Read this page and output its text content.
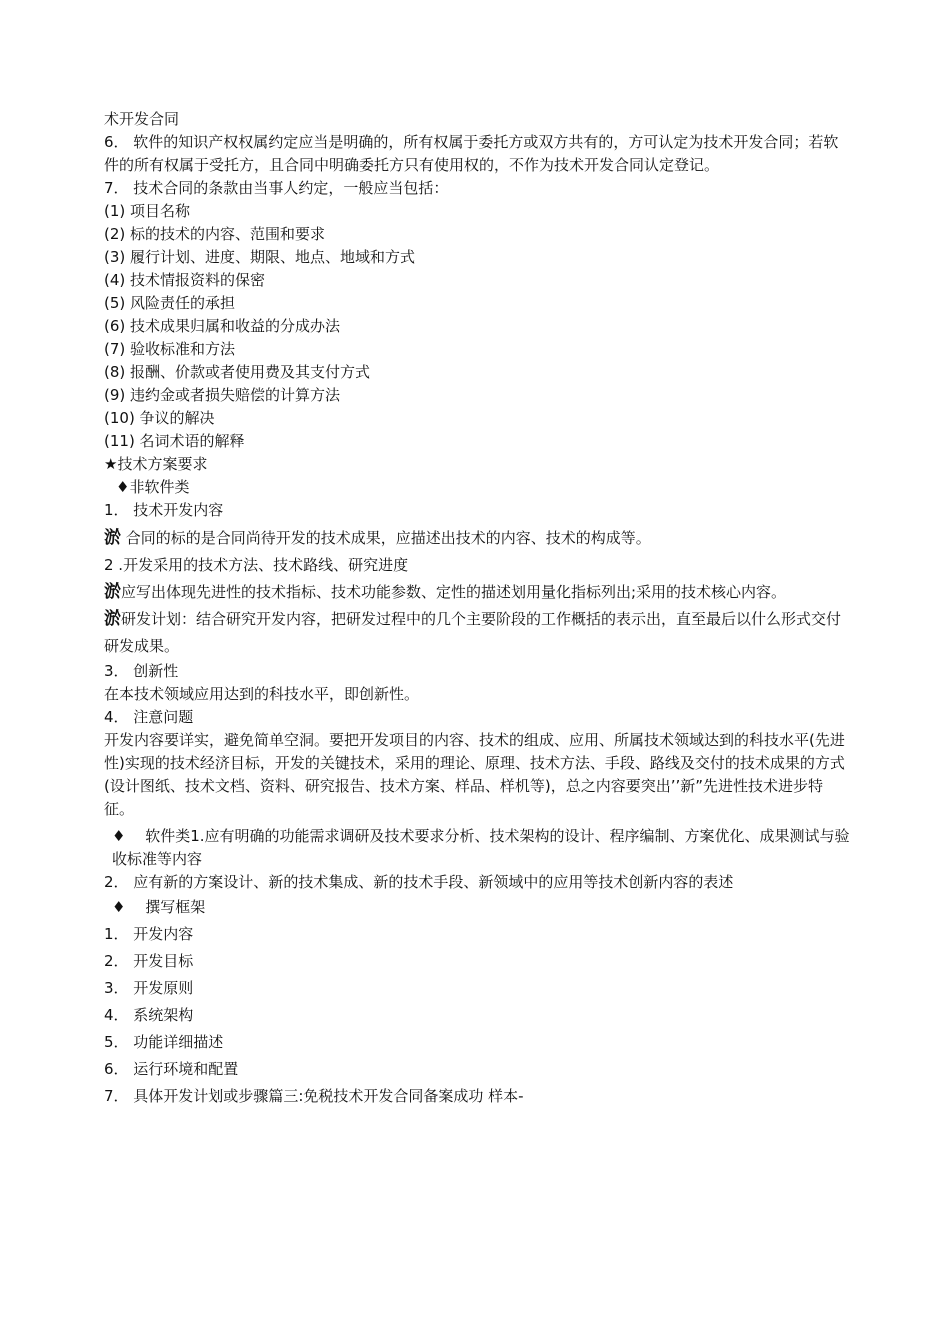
术开发合同
6． 软件的知识产权权属约定应当是明确的，所有权属于委托方或双方共有的，方可认定为技术开发合同；若软件的所有权属于受托方，且合同中明确委托方只有使用权的，不作为技术开发合同认定登记。
7． 技术合同的条款由当事人约定，一般应当包括：
(1) 项目名称
(2) 标的技术的内容、范围和要求
(3) 履行计划、进度、期限、地点、地域和方式
(4) 技术情报资料的保密
(5) 风险责任的承担
(6) 技术成果归属和收益的分成办法
(7) 验收标准和方法
(8) 报酬、价款或者使用费及其支付方式
(9) 违约金或者损失赔偿的计算方法
(10) 争议的解决
(11) 名词术语的解释
★技术方案要求
♦非软件类
1． 技术开发内容
淤 合同的标的是合同尚待开发的技术成果，应描述出技术的内容、技术的构成等。
2 .开发采用的技术方法、技术路线、研究进度
淤应写出体现先进性的技术指标、技术功能参数、定性的描述划用量化指标列出;采用的技术核心内容。
淤研发计划：结合研究开发内容，把研发过程中的几个主要阶段的工作概括的表示出，直至最后以什么形式交付研发成果。
3． 创新性
在本技术领域应用达到的科技水平，即创新性。
4． 注意问题
开发内容要详实，避免简单空洞。要把开发项目的内容、技术的组成、应用、所属技术领域达到的科技水平(先进性)实现的技术经济目标，开发的关键技术，采用的理论、原理、技术方法、手段、路线及交付的技术成果的方式(设计图纸、技术文档、资料、研究报告、技术方案、样品、样机等)，总之内容要突出’’新”先进性技术进步特征。
♦　 软件类1.应有明确的功能需求调研及技术要求分析、技术架构的设计、程序编制、方案优化、成果测试与验收标准等内容
2． 应有新的方案设计、新的技术集成、新的技术手段、新领域中的应用等技术创新内容的表述
♦　 撰写框架
1． 开发内容
2． 开发目标
3． 开发原则
4． 系统架构
5． 功能详细描述
6． 运行环境和配置
7． 具体开发计划或步骤篇三:免税技术开发合同备案成功 样本-
